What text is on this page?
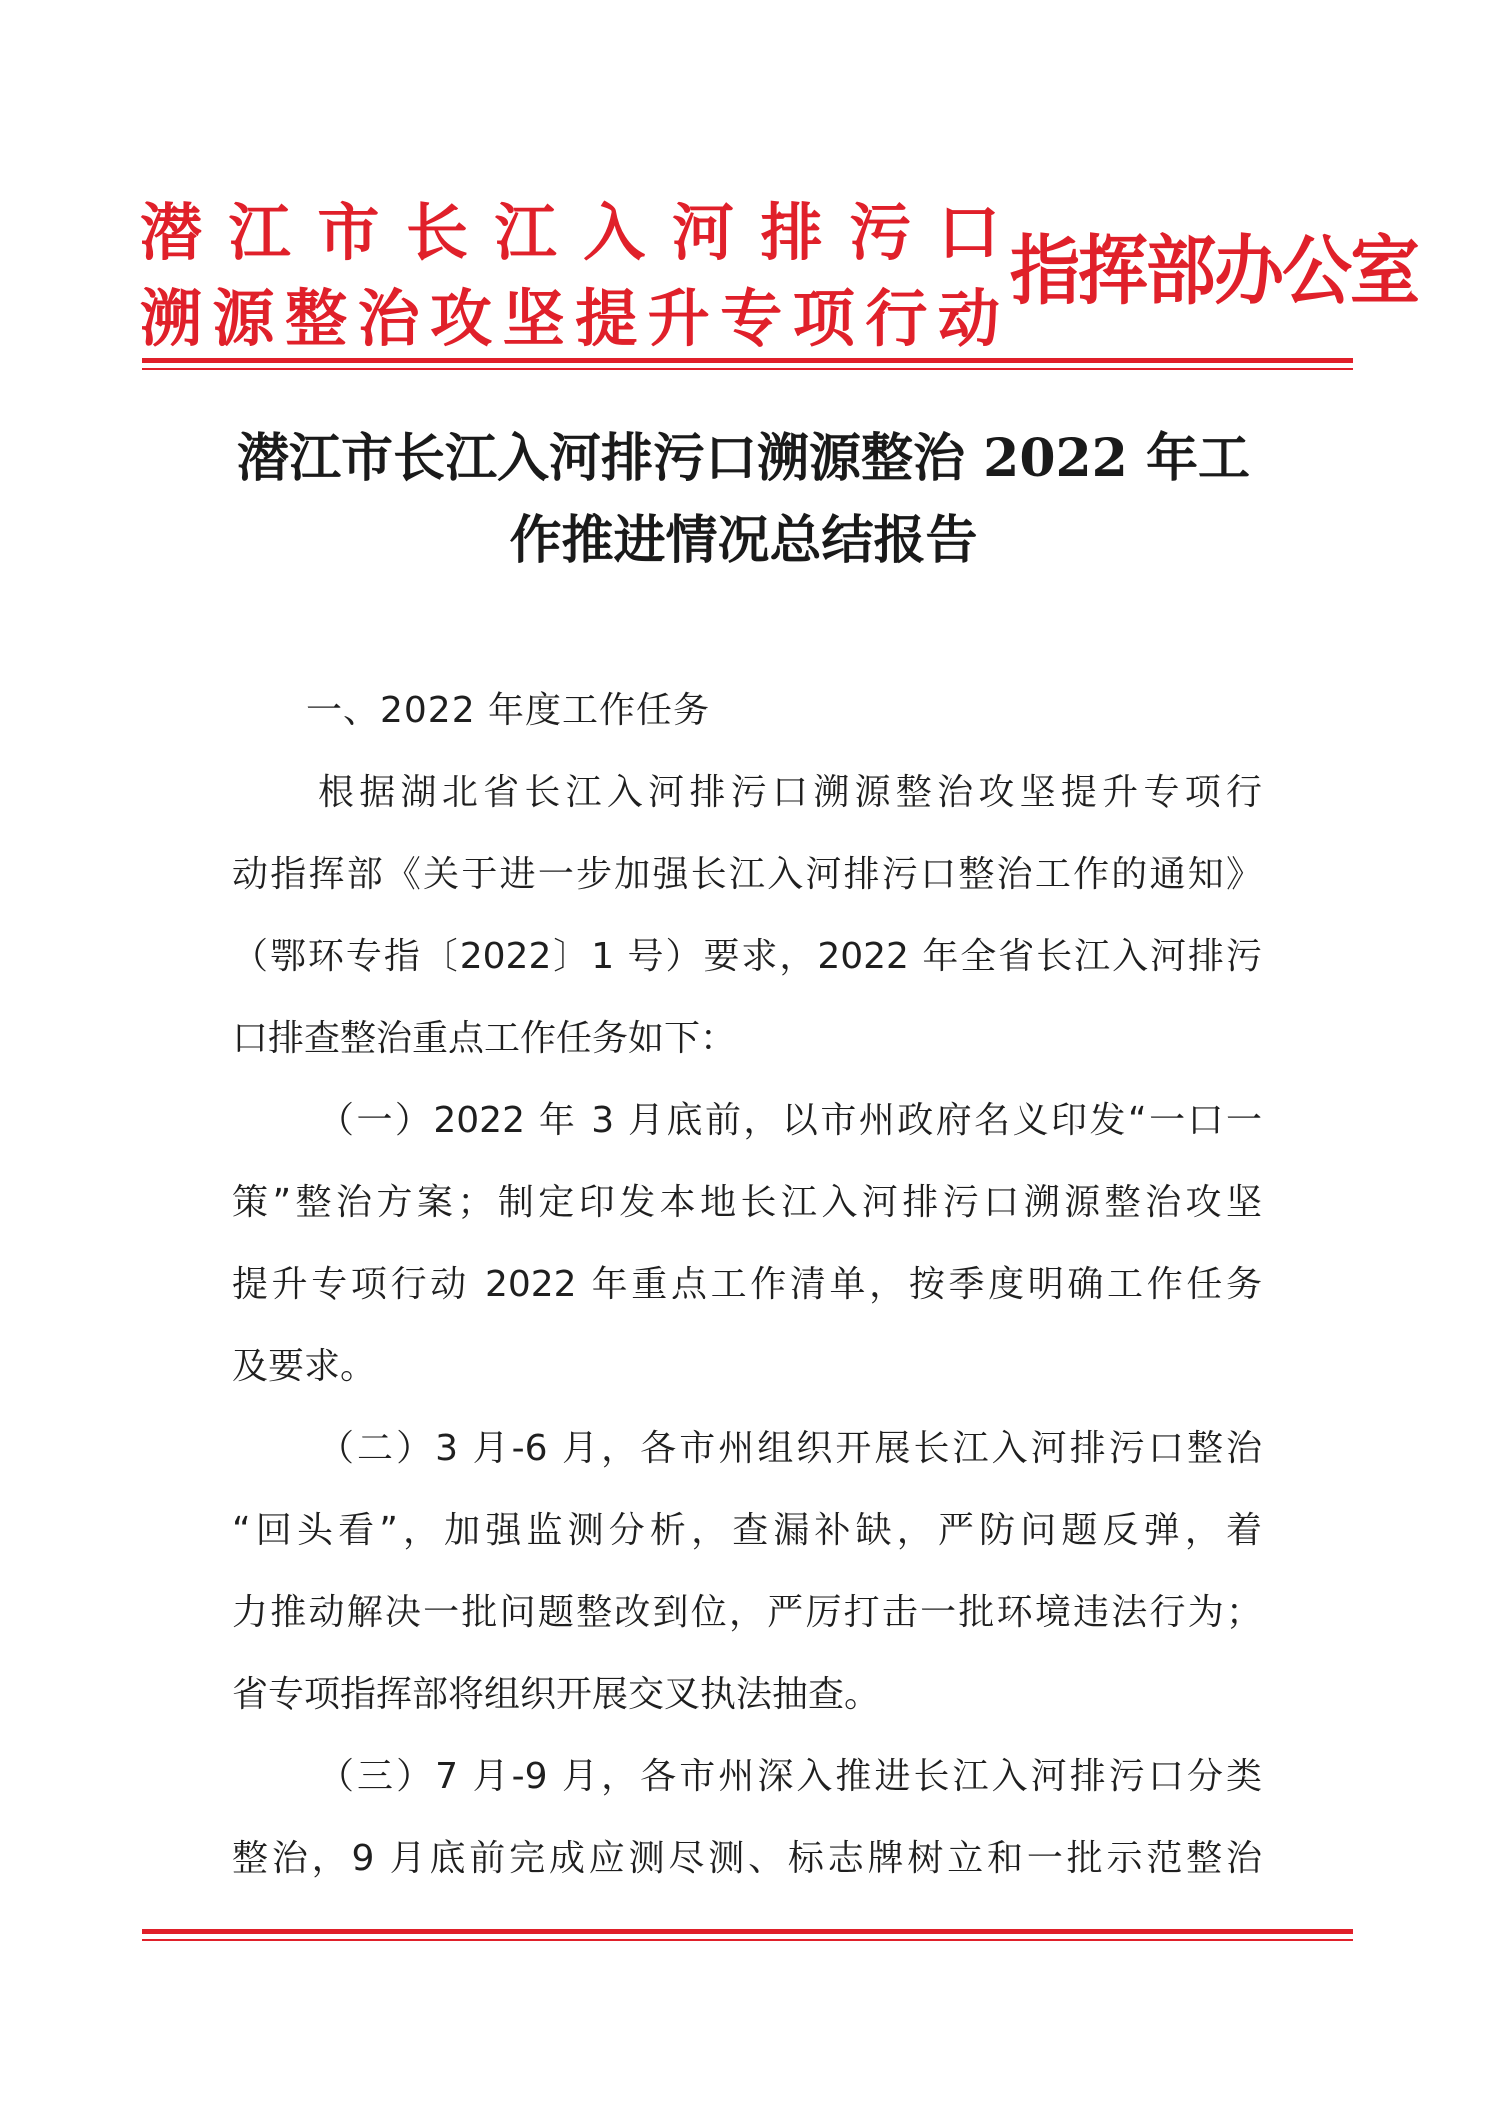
潜 江 市 长 江 入 河 排 污 口
溯 源 整 治 攻 坚 提 升 专 项 行 动
指挥部办公室
潜江市长江入河排污口溯源整治 2022 年工
作推进情况总结报告
一、2022 年度工作任务
根据湖北省长江入河排污口溯源整治攻坚提升专项行
动指挥部《关于进一步加强长江入河排污口整治工作的通知》
（鄂环专指〔2022〕1 号）要求，2022 年全省长江入河排污
口排查整治重点工作任务如下：
（一）2022 年 3 月底前，以市州政府名义印发“一口一
策”整治方案；制定印发本地长江入河排污口溯源整治攻坚
提升专项行动 2022 年重点工作清单，按季度明确工作任务
及要求。
（二）3 月-6 月，各市州组织开展长江入河排污口整治
“回头看”，加强监测分析，查漏补缺，严防问题反弹，着
力推动解决一批问题整改到位，严厉打击一批环境违法行为；
省专项指挥部将组织开展交叉执法抽查。
（三）7 月-9 月，各市州深入推进长江入河排污口分类
整治，9 月底前完成应测尽测、标志牌树立和一批示范整治
